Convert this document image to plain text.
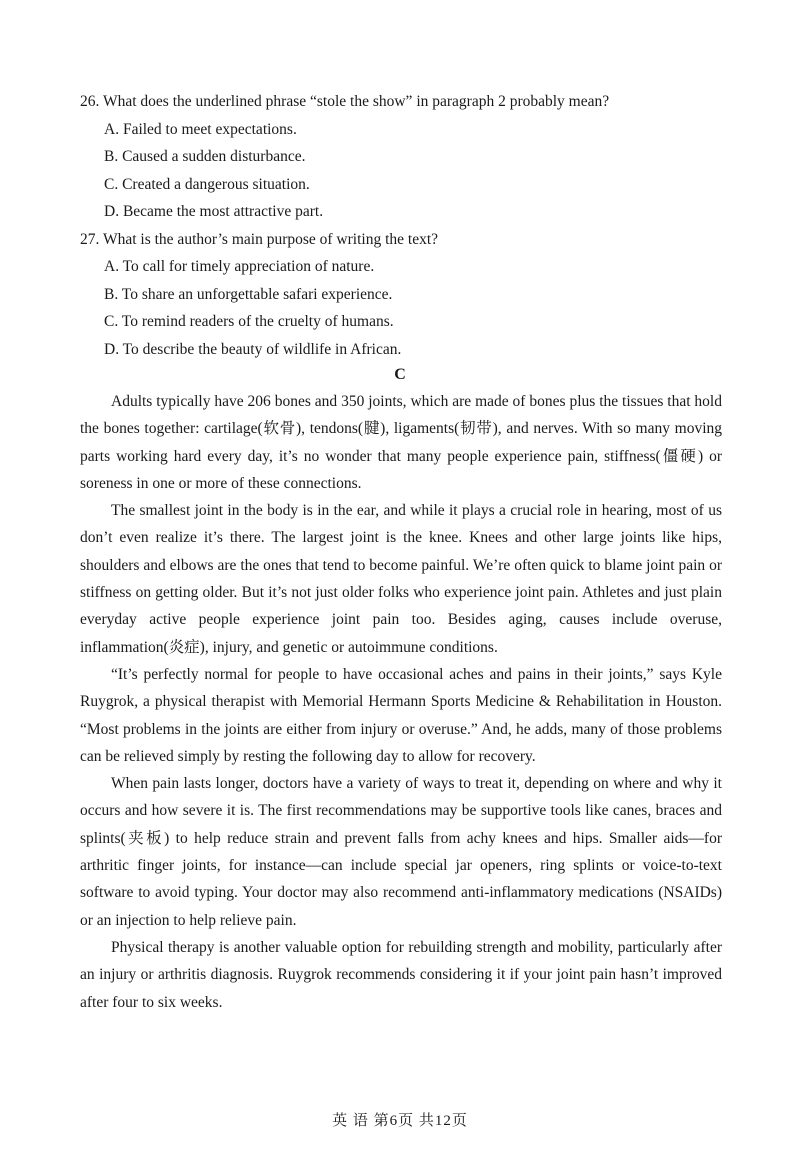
26. What does the underlined phrase “stole the show” in paragraph 2 probably mean?
A. Failed to meet expectations.
B. Caused a sudden disturbance.
C. Created a dangerous situation.
D. Became the most attractive part.
27. What is the author’s main purpose of writing the text?
A. To call for timely appreciation of nature.
B. To share an unforgettable safari experience.
C. To remind readers of the cruelty of humans.
D. To describe the beauty of wildlife in African.
C

Adults typically have 206 bones and 350 joints, which are made of bones plus the tissues that hold the bones together: cartilage(软骨), tendons(腱), ligaments(韧带), and nerves. With so many moving parts working hard every day, it’s no wonder that many people experience pain, stiffness(僵硬) or soreness in one or more of these connections.

The smallest joint in the body is in the ear, and while it plays a crucial role in hearing, most of us don’t even realize it’s there. The largest joint is the knee. Knees and other large joints like hips, shoulders and elbows are the ones that tend to become painful. We’re often quick to blame joint pain or stiffness on getting older. But it’s not just older folks who experience joint pain. Athletes and just plain everyday active people experience joint pain too. Besides aging, causes include overuse, inflammation(炎症), injury, and genetic or autoimmune conditions.

“It’s perfectly normal for people to have occasional aches and pains in their joints,” says Kyle Ruygrok, a physical therapist with Memorial Hermann Sports Medicine & Rehabilitation in Houston. “Most problems in the joints are either from injury or overuse.” And, he adds, many of those problems can be relieved simply by resting the following day to allow for recovery.

When pain lasts longer, doctors have a variety of ways to treat it, depending on where and why it occurs and how severe it is. The first recommendations may be supportive tools like canes, braces and splints(夹板) to help reduce strain and prevent falls from achy knees and hips. Smaller aids—for arthritic finger joints, for instance—can include special jar openers, ring splints or voice-to-text software to avoid typing. Your doctor may also recommend anti-inflammatory medications (NSAIDs) or an injection to help relieve pain.

Physical therapy is another valuable option for rebuilding strength and mobility, particularly after an injury or arthritis diagnosis. Ruygrok recommends considering it if your joint pain hasn’t improved after four to six weeks.

英 语 第6页 共12页
